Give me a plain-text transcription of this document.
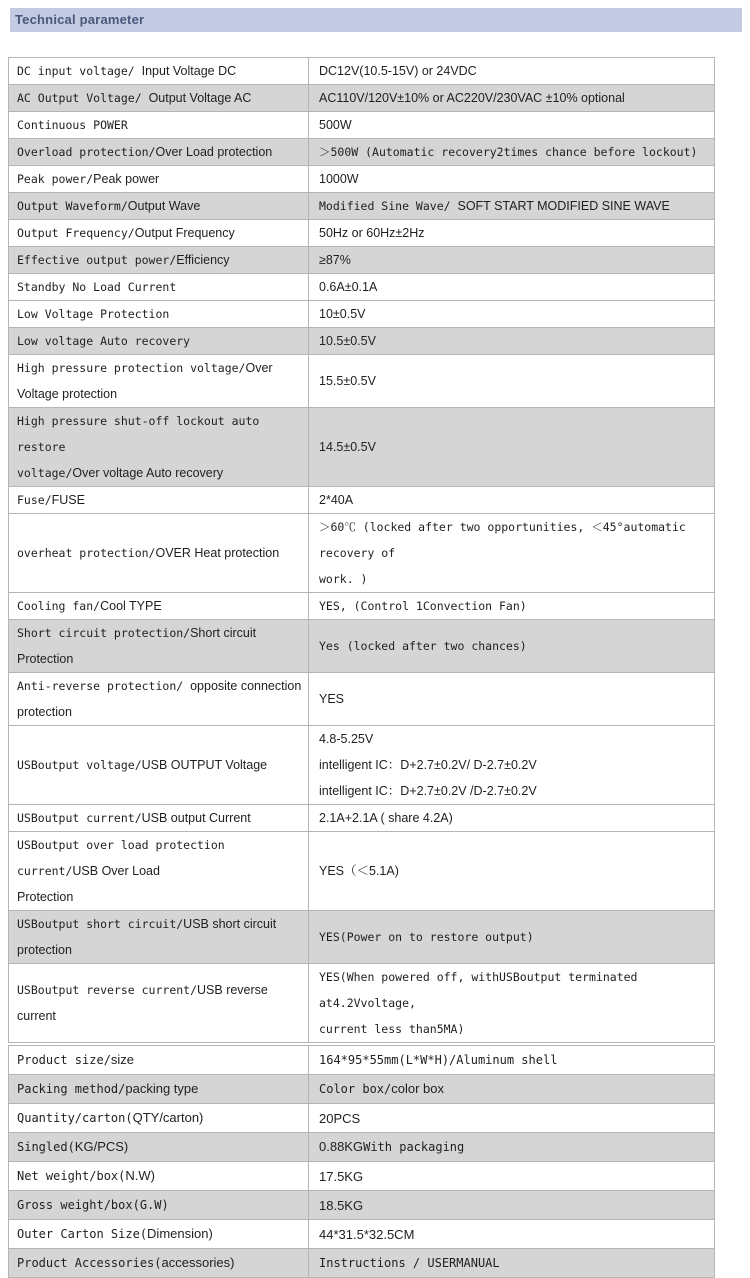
Technical parameter
DC input voltage/ Input Voltage DC	DC12V(10.5-15V) or 24VDC
AC Output Voltage/ Output Voltage AC	AC110V/120V±10% or AC220V/230VAC ±10% optional
Continuous POWER	500W
Overload protection/Over Load protection	＞500W (Automatic recovery2times chance before lockout)
Peak power/Peak power	1000W
Output Waveform/Output Wave	Modified Sine Wave/ SOFT START MODIFIED SINE WAVE
Output Frequency/Output Frequency	50Hz or 60Hz±2Hz
Effective output power/Efficiency	≥87%
Standby No Load Current	0.6A±0.1A
Low Voltage Protection	10±0.5V
Low voltage Auto recovery	10.5±0.5V
High pressure protection voltage/Over Voltage protection	15.5±0.5V
High pressure shut-off lockout auto restore
voltage/Over voltage Auto recovery	14.5±0.5V
Fuse/FUSE	2*40A
overheat protection/OVER Heat protection	＞60℃ (locked after two opportunities, ＜45°automatic recovery of
work. )
Cooling fan/Cool TYPE	YES, (Control 1Convection Fan)
Short circuit protection/Short circuit Protection	Yes (locked after two chances)
Anti-reverse protection/ opposite connection protection	YES
USBoutput voltage/USB OUTPUT Voltage	4.8-5.25V
intelligent IC：D+2.7±0.2V/ D-2.7±0.2V
intelligent IC：D+2.7±0.2V /D-2.7±0.2V
USBoutput current/USB output Current	2.1A+2.1A ( share 4.2A)
USBoutput over load protection current/USB Over Load
Protection	YES（＜5.1A)
USBoutput short circuit/USB short circuit protection	YES(Power on to restore output)
USBoutput reverse current/USB reverse current	YES(When powered off, withUSBoutput terminated at4.2Vvoltage,
current less than5MA)
Product size/size	164*95*55mm(L*W*H)/Aluminum shell
Packing method/packing type	Color box/color box
Quantity/carton(QTY/carton)	20PCS
Singled(KG/PCS)	0.88KGWith packaging
Net weight/box(N.W)	17.5KG
Gross weight/box(G.W)	18.5KG
Outer Carton Size(Dimension)	44*31.5*32.5CM
Product Accessories(accessories)	Instructions / USERMANUAL
